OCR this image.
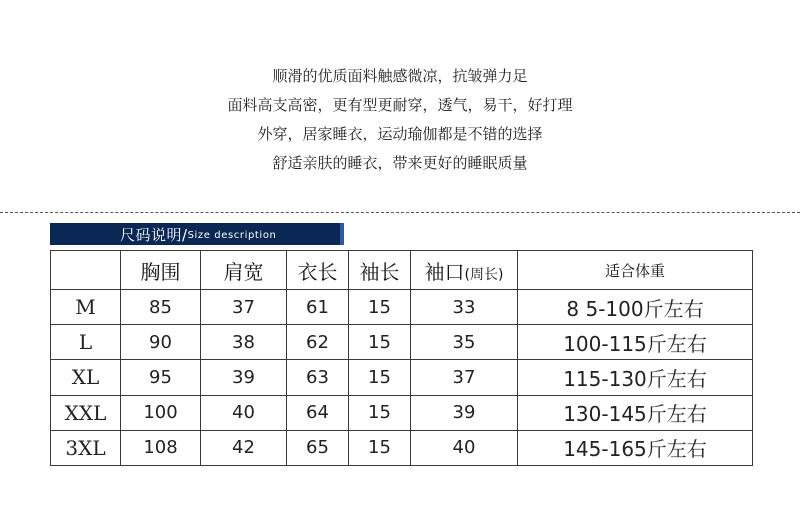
顺滑的优质面料触感微凉，抗皱弹力足
面料高支高密，更有型更耐穿，透气，易干，好打理
外穿，居家睡衣，运动瑜伽都是不错的选择
舒适亲肤的睡衣，带来更好的睡眠质量
尺码说明/ Size description
	胸围	肩宽	衣长	袖长	袖口(周长)	适合体重
M	85	37	61	15	33	8 5-100斤左右
L	90	38	62	15	35	100-115斤左右
XL	95	39	63	15	37	115-130斤左右
XXL	100	40	64	15	39	130-145斤左右
3XL	108	42	65	15	40	145-165斤左右
